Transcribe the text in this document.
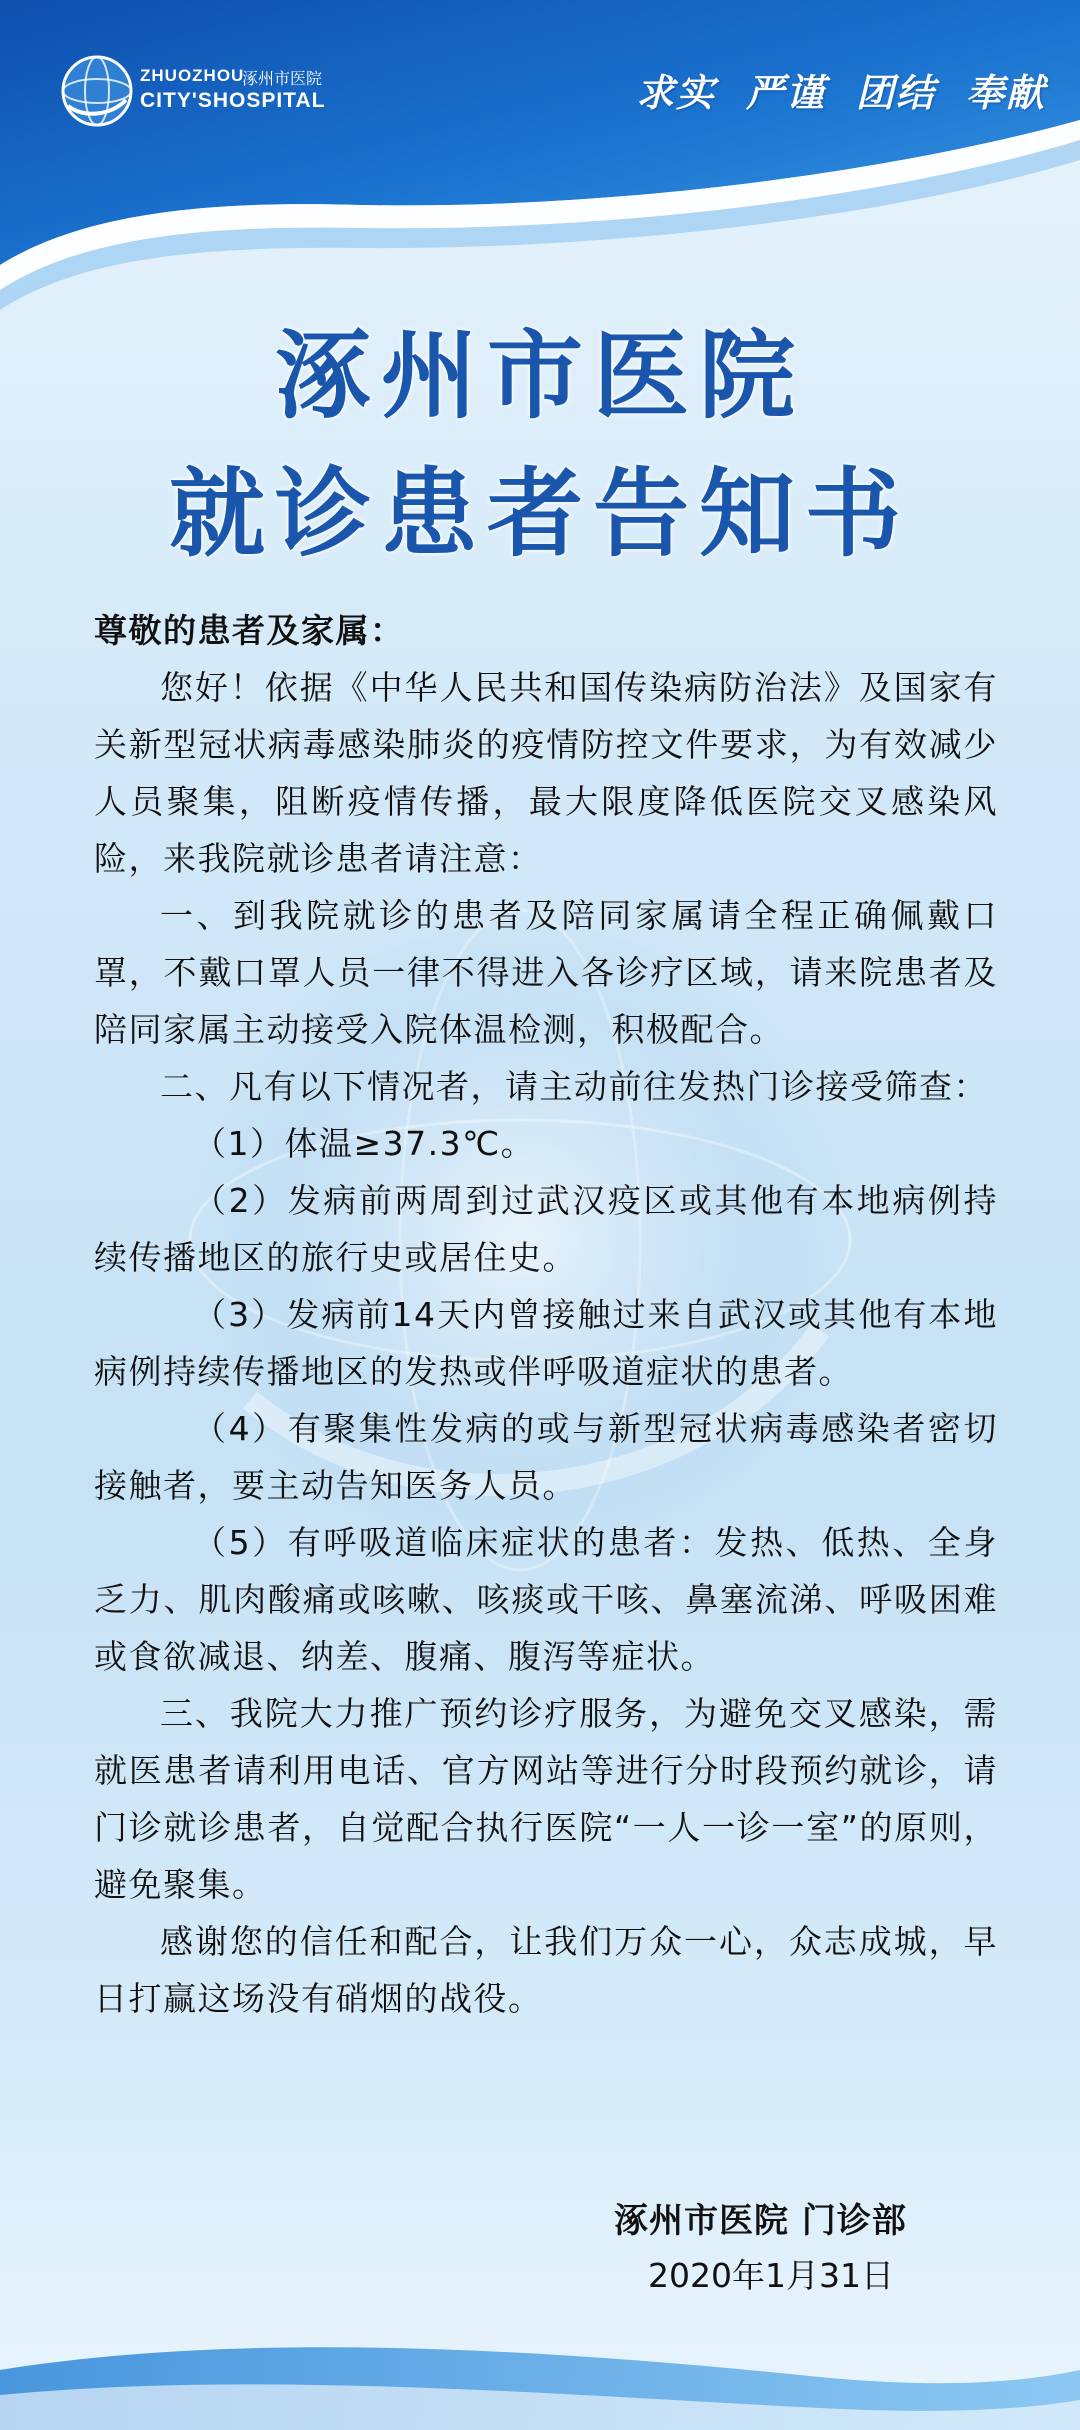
ZHUOZHOU
涿州市医院
CITY'SHOSPITAL	求实 严谨 团结 奉献
涿州市医院
就诊患者告知书

尊敬的患者及家属：

您好！依据《中华人民共和国传染病防治法》及国家有关新型冠状病毒感染肺炎的疫情防控文件要求，为有效减少人员聚集，阻断疫情传播，最大限度降低医院交叉感染风险，来我院就诊患者请注意：

一、到我院就诊的患者及陪同家属请全程正确佩戴口罩，不戴口罩人员一律不得进入各诊疗区域，请来院患者及陪同家属主动接受入院体温检测，积极配合。

二、凡有以下情况者，请主动前往发热门诊接受筛查：

（1）体温≥37.3℃。

（2）发病前两周到过武汉疫区或其他有本地病例持续传播地区的旅行史或居住史。

（3）发病前14天内曾接触过来自武汉或其他有本地病例持续传播地区的发热或伴呼吸道症状的患者。

（4）有聚集性发病的或与新型冠状病毒感染者密切接触者，要主动告知医务人员。

（5）有呼吸道临床症状的患者：发热、低热、全身乏力、肌肉酸痛或咳嗽、咳痰或干咳、鼻塞流涕、呼吸困难或食欲减退、纳差、腹痛、腹泻等症状。

三、我院大力推广预约诊疗服务，为避免交叉感染，需就医患者请利用电话、官方网站等进行分时段预约就诊，请门诊就诊患者，自觉配合执行医院“一人一诊一室”的原则，避免聚集。

感谢您的信任和配合，让我们万众一心，众志成城，早日打赢这场没有硝烟的战役。

涿州市医院 门诊部
2020年1月31日
